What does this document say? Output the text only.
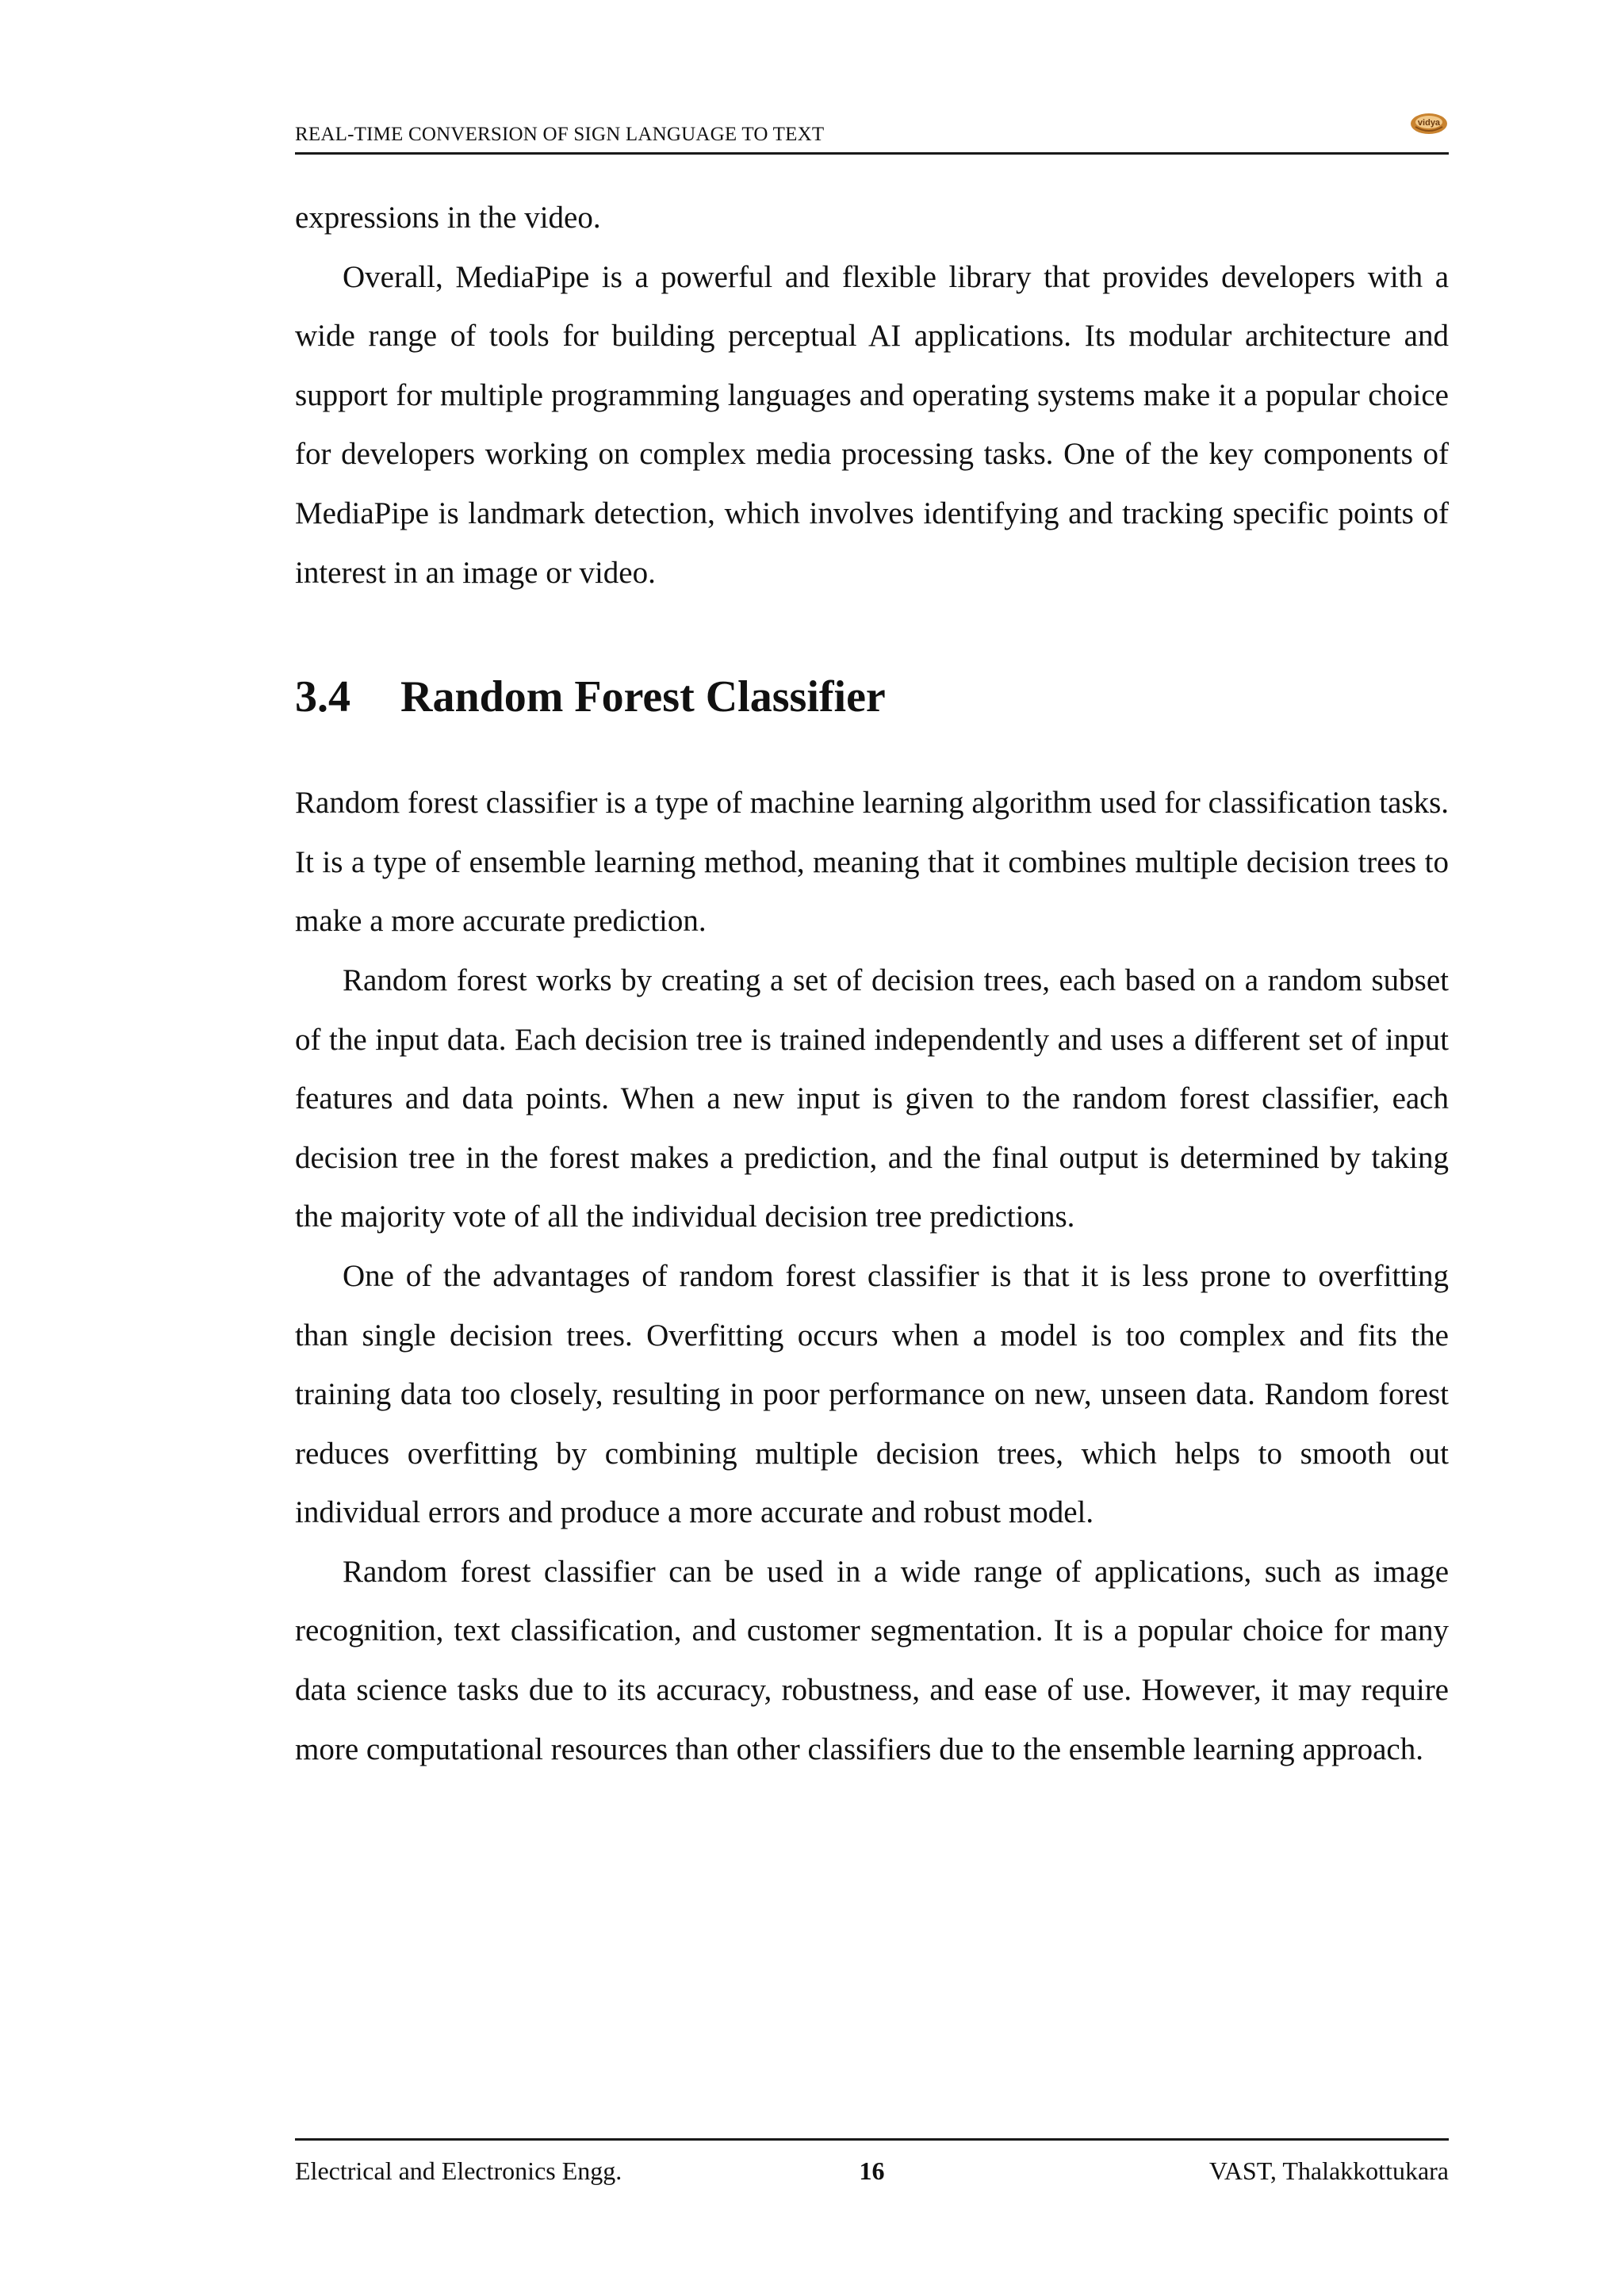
REAL-TIME CONVERSION OF SIGN LANGUAGE TO TEXT
vidya

expressions in the video.

Overall, MediaPipe is a powerful and flexible library that provides developers with a wide range of tools for building perceptual AI applications. Its modular architecture and support for multiple programming languages and operating systems make it a popular choice for developers working on complex media processing tasks. One of the key components of MediaPipe is landmark detection, which involves identifying and tracking specific points of interest in an image or video.

3.4 Random Forest Classifier

Random forest classifier is a type of machine learning algorithm used for classification tasks. It is a type of ensemble learning method, meaning that it combines multiple decision trees to make a more accurate prediction.

Random forest works by creating a set of decision trees, each based on a random subset of the input data. Each decision tree is trained independently and uses a different set of input features and data points. When a new input is given to the random forest classifier, each decision tree in the forest makes a prediction, and the final output is determined by taking the majority vote of all the individual decision tree predictions.

One of the advantages of random forest classifier is that it is less prone to overfitting than single decision trees. Overfitting occurs when a model is too complex and fits the training data too closely, resulting in poor performance on new, unseen data. Random forest reduces overfitting by combining multiple decision trees, which helps to smooth out individual errors and produce a more accurate and robust model.

Random forest classifier can be used in a wide range of applications, such as image recognition, text classification, and customer segmentation. It is a popular choice for many data science tasks due to its accuracy, robustness, and ease of use. However, it may require more computational resources than other classifiers due to the ensemble learning approach.

Electrical and Electronics Engg.	16	VAST, Thalakkottukara
